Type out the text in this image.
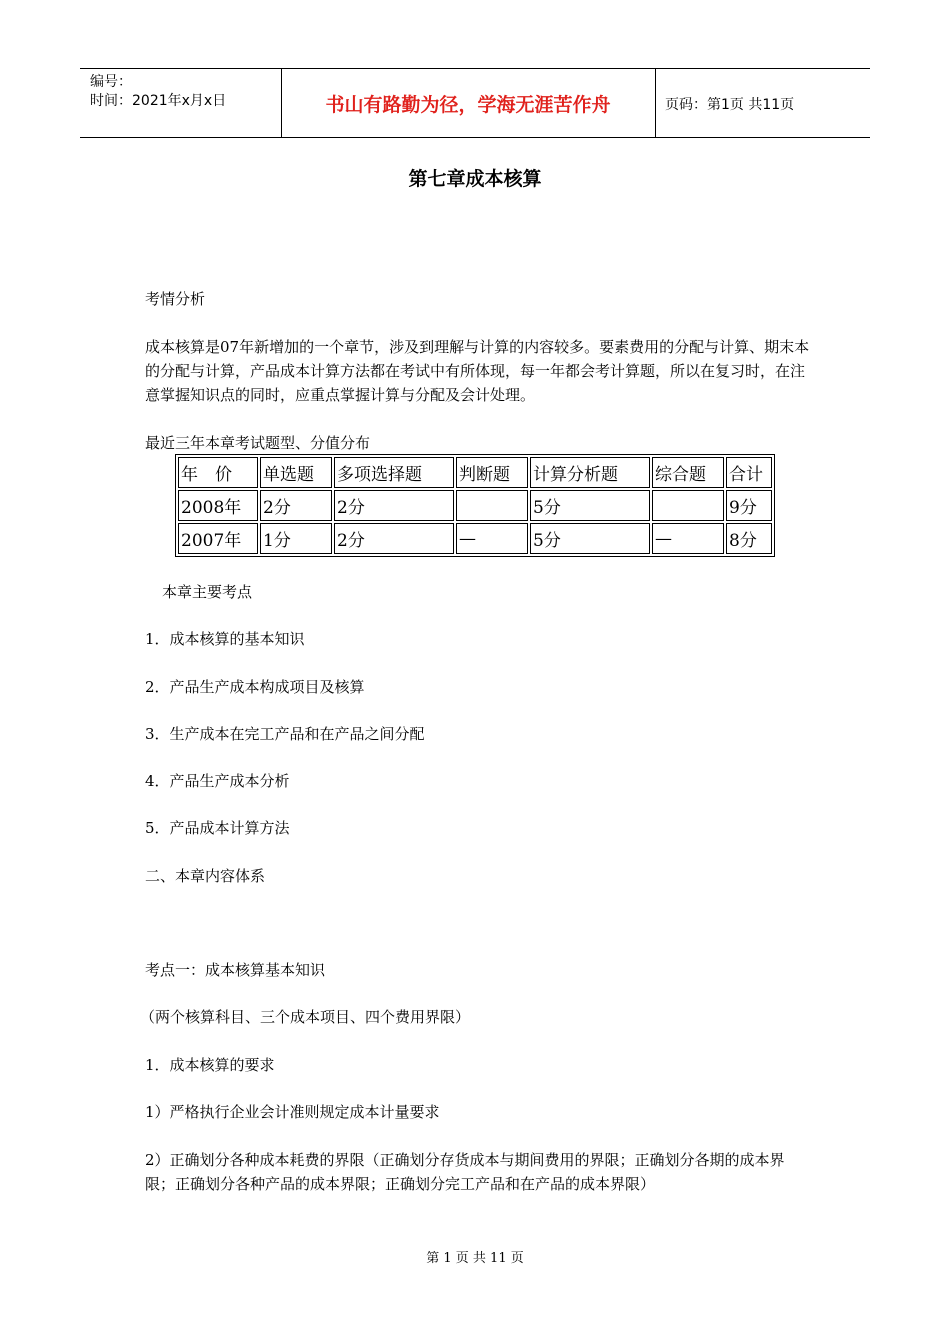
编号：
时间：2021年x月x日	书山有路勤为径，学海无涯苦作舟	页码：第1页 共11页
第七章成本核算
考情分析
成本核算是07年新增加的一个章节，涉及到理解与计算的内容较多。要素费用的分配与计算、期末本的分配与计算，产品成本计算方法都在考试中有所体现，每一年都会考计算题，所以在复习时，在注意掌握知识点的同时，应重点掌握计算与分配及会计处理。
最近三年本章考试题型、分值分布
年　价	单选题	多项选择题	判断题	计算分析题	综合题	合计
2008年	2分	2分		5分		9分
2007年	1分	2分	—	5分	—	8分
本章主要考点
1．成本核算的基本知识
2．产品生产成本构成项目及核算
3．生产成本在完工产品和在产品之间分配
4．产品生产成本分析
5．产品成本计算方法
二、本章内容体系
考点一：成本核算基本知识
（两个核算科目、三个成本项目、四个费用界限）
1．成本核算的要求
1）严格执行企业会计准则规定成本计量要求
2）正确划分各种成本耗费的界限（正确划分存货成本与期间费用的界限；正确划分各期的成本界限；正确划分各种产品的成本界限；正确划分完工产品和在产品的成本界限）
第 1 页 共 11 页
